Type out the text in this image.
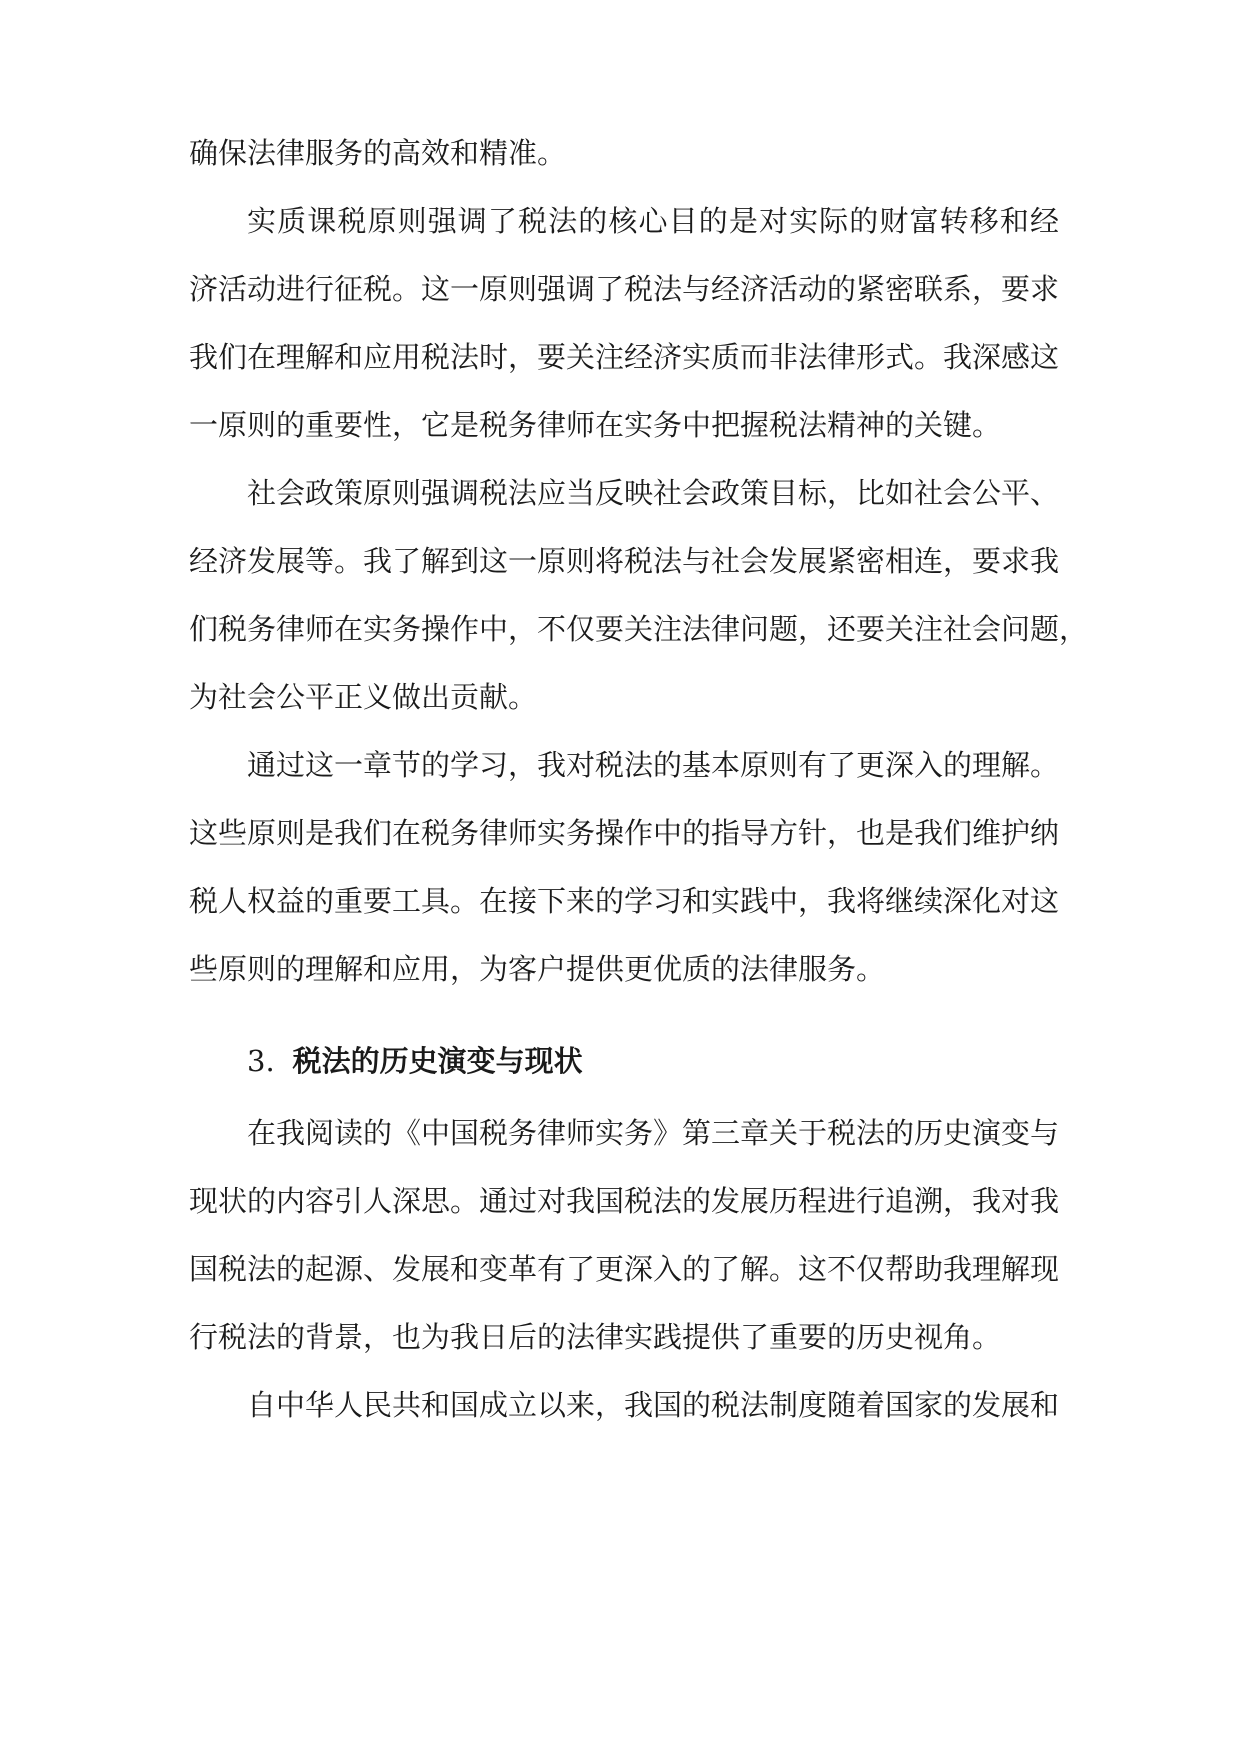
确保法律服务的高效和精准。
实质课税原则强调了税法的核心目的是对实际的财富转移和经
济活动进行征税。这一原则强调了税法与经济活动的紧密联系，要求
我们在理解和应用税法时，要关注经济实质而非法律形式。我深感这
一原则的重要性，它是税务律师在实务中把握税法精神的关键。
社会政策原则强调税法应当反映社会政策目标，比如社会公平、
经济发展等。我了解到这一原则将税法与社会发展紧密相连，要求我
们税务律师在实务操作中，不仅要关注法律问题，还要关注社会问题，
为社会公平正义做出贡献。
通过这一章节的学习，我对税法的基本原则有了更深入的理解。
这些原则是我们在税务律师实务操作中的指导方针，也是我们维护纳
税人权益的重要工具。在接下来的学习和实践中，我将继续深化对这
些原则的理解和应用，为客户提供更优质的法律服务。
3. 税法的历史演变与现状
在我阅读的《中国税务律师实务》第三章关于税法的历史演变与
现状的内容引人深思。通过对我国税法的发展历程进行追溯，我对我
国税法的起源、发展和变革有了更深入的了解。这不仅帮助我理解现
行税法的背景，也为我日后的法律实践提供了重要的历史视角。
自中华人民共和国成立以来，我国的税法制度随着国家的发展和
